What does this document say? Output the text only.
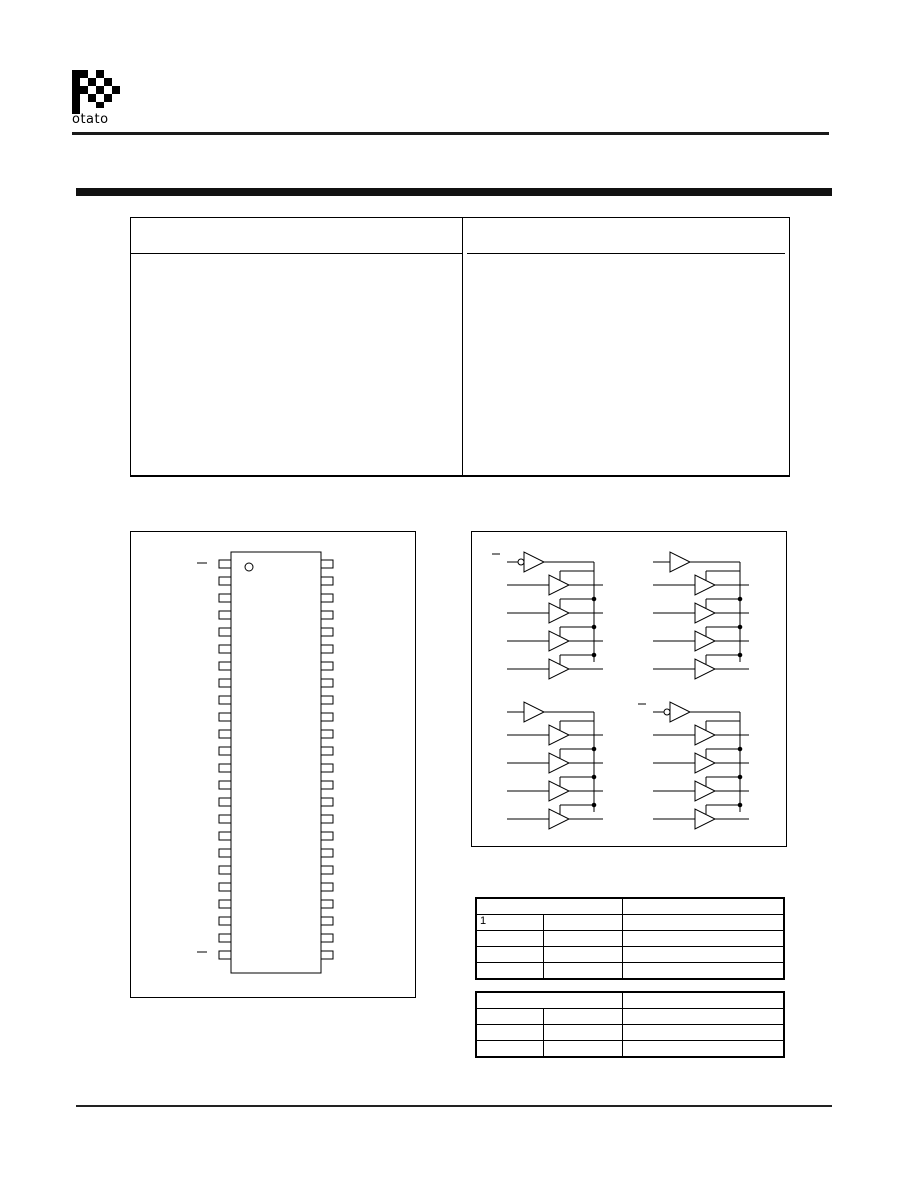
otato

1		
